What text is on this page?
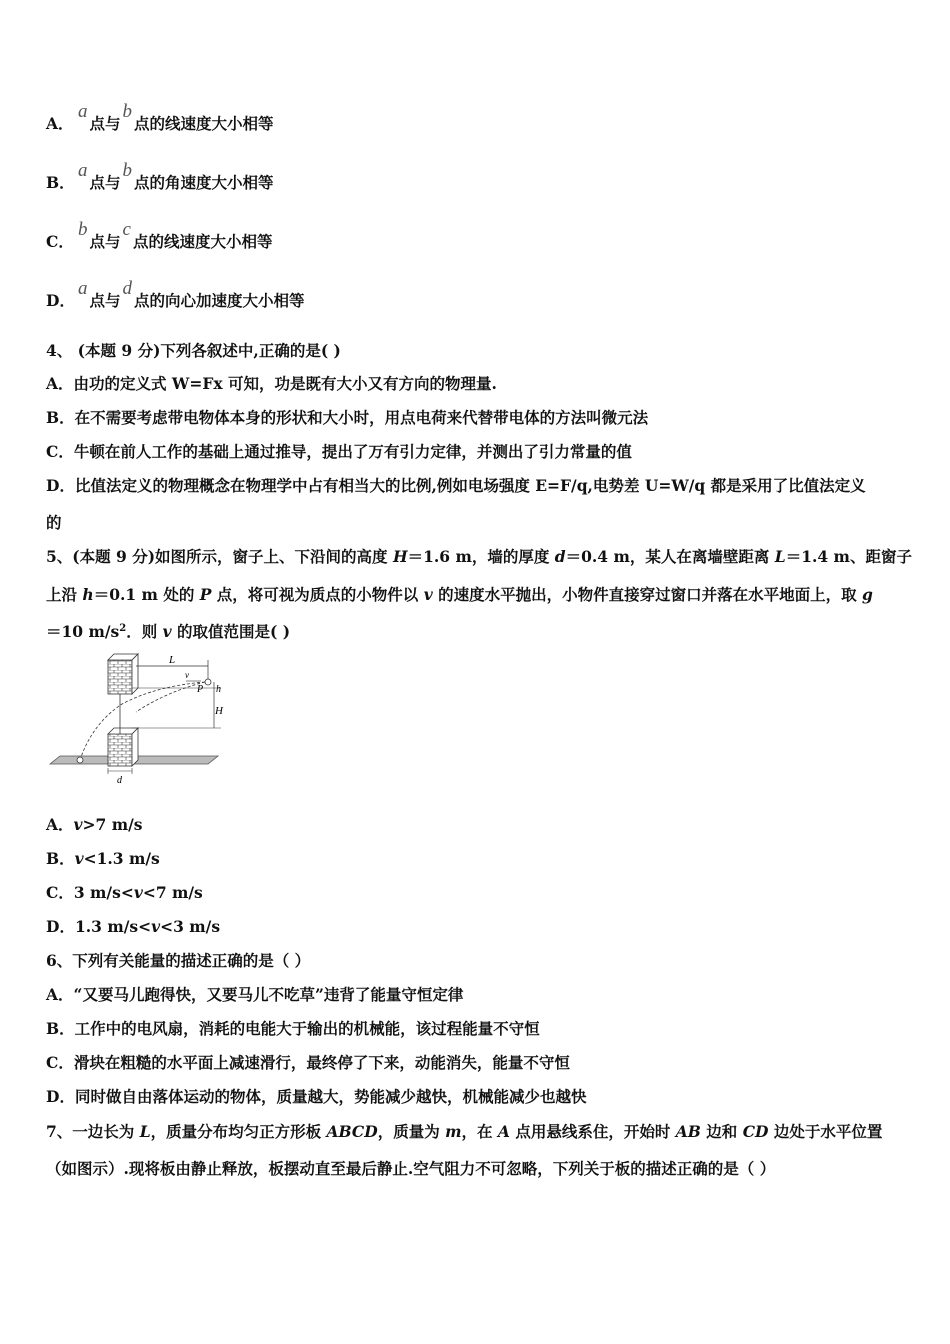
A．a点与b点的线速度大小相等
B．a点与b点的角速度大小相等
C．b点与c点的线速度大小相等
D．a点与d点的向心加速度大小相等
4、 (本题 9 分)下列各叙述中,正确的是( )
A．由功的定义式 W=Fx 可知，功是既有大小又有方向的物理量.
B．在不需要考虑带电物体本身的形状和大小时，用点电荷来代替带电体的方法叫微元法
C．牛顿在前人工作的基础上通过推导，提出了万有引力定律，并测出了引力常量的值
D．比值法定义的物理概念在物理学中占有相当大的比例,例如电场强度 E=F/q,电势差 U=W/q 都是采用了比值法定义
的
5、(本题 9 分)如图所示，窗子上、下沿间的高度 H＝1.6 m，墙的厚度 d＝0.4 m，某人在离墙壁距离 L＝1.4 m、距窗子
上沿 h＝0.1 m 处的 P 点，将可视为质点的小物件以 v 的速度水平抛出，小物件直接穿过窗口并落在水平地面上，取 g
＝10 $m/s^2$．则 v 的取值范围是( )
L
v
P h
H
d
A．v>7 m/s
B．v<1.3 m/s
C．3 m/s<v<7 m/s
D．1.3 m/s<v<3 m/s
6、下列有关能量的描述正确的是（ ）
A．“又要马儿跑得快，又要马儿不吃草”违背了能量守恒定律
B．工作中的电风扇，消耗的电能大于输出的机械能，该过程能量不守恒
C．滑块在粗糙的水平面上减速滑行，最终停了下来，动能消失，能量不守恒
D．同时做自由落体运动的物体，质量越大，势能减少越快，机械能减少也越快
7、一边长为 L，质量分布均匀正方形板 ABCD，质量为 m，在 A 点用悬线系住，开始时 AB 边和 CD 边处于水平位置
（如图示）.现将板由静止释放，板摆动直至最后静止.空气阻力不可忽略，下列关于板的描述正确的是（ ）
